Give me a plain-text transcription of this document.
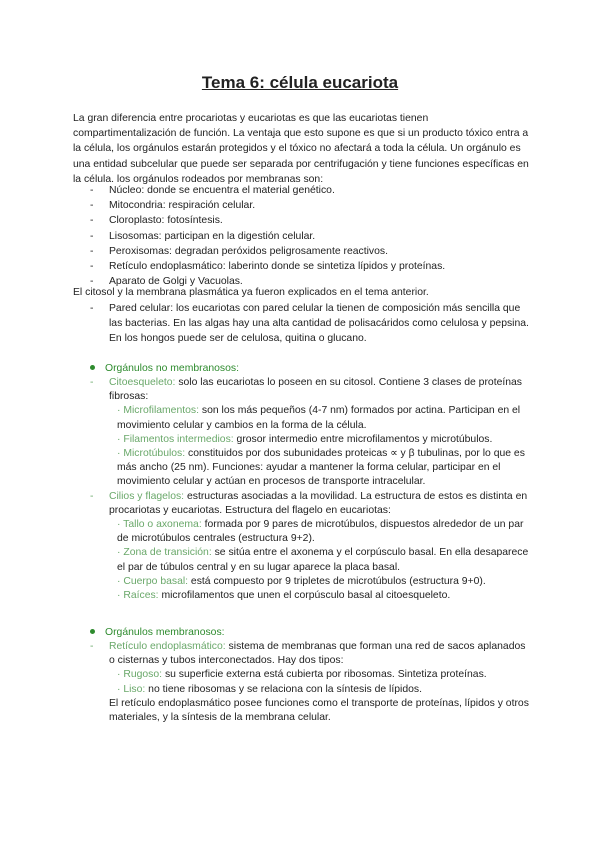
Tema 6: célula eucariota

La gran diferencia entre procariotas y eucariotas es que las eucariotas tienen compartimentalización de función. La ventaja que esto supone es que si un producto tóxico entra a la célula, los orgánulos estarán protegidos y el tóxico no afectará a toda la célula. Un orgánulo es una entidad subcelular que puede ser separada por centrifugación y tiene funciones específicas en la célula. los orgánulos rodeados por membranas son:

- Núcleo: donde se encuentra el material genético.
- Mitocondria: respiración celular.
- Cloroplasto: fotosíntesis.
- Lisosomas: participan en la digestión celular.
- Peroxisomas: degradan peróxidos peligrosamente reactivos.
- Retículo endoplasmático: laberinto donde se sintetiza lípidos y proteínas.
- Aparato de Golgi y Vacuolas.

El citosol y la membrana plasmática ya fueron explicados en el tema anterior.

- Pared celular: los eucariotas con pared celular la tienen de composición más sencilla que las bacterias. En las algas hay una alta cantidad de polisacáridos como celulosa y pepsina. En los hongos puede ser de celulosa, quitina o glucano.
Orgánulos no membranosos:
- Citoesqueleto: solo las eucariotas lo poseen en su citosol. Contiene 3 clases de proteínas fibrosas:
· Microfilamentos: son los más pequeños (4-7 nm) formados por actina. Participan en el movimiento celular y cambios en la forma de la célula.
· Filamentos intermedios: grosor intermedio entre microfilamentos y microtúbulos.
· Microtúbulos: constituidos por dos subunidades proteicas ∝ y β tubulinas, por lo que es más ancho (25 nm). Funciones: ayudar a mantener la forma celular, participar en el movimiento celular y actúan en procesos de transporte intracelular.
- Cilios y flagelos: estructuras asociadas a la movilidad. La estructura de estos es distinta en procariotas y eucariotas. Estructura del flagelo en eucariotas:
· Tallo o axonema: formada por 9 pares de microtúbulos, dispuestos alrededor de un par de microtúbulos centrales (estructura 9+2).
· Zona de transición: se sitúa entre el axonema y el corpúsculo basal. En ella desaparece el par de túbulos central y en su lugar aparece la placa basal.
· Cuerpo basal: está compuesto por 9 tripletes de microtúbulos (estructura 9+0).
· Raíces: microfilamentos que unen el corpúsculo basal al citoesqueleto.
Orgánulos membranosos:
- Retículo endoplasmático: sistema de membranas que forman una red de sacos aplanados o cisternas y tubos interconectados. Hay dos tipos:
· Rugoso: su superficie externa está cubierta por ribosomas. Sintetiza proteínas.
· Liso: no tiene ribosomas y se relaciona con la síntesis de lípidos.
El retículo endoplasmático posee funciones como el transporte de proteínas, lípidos y otros materiales, y la síntesis de la membrana celular.
